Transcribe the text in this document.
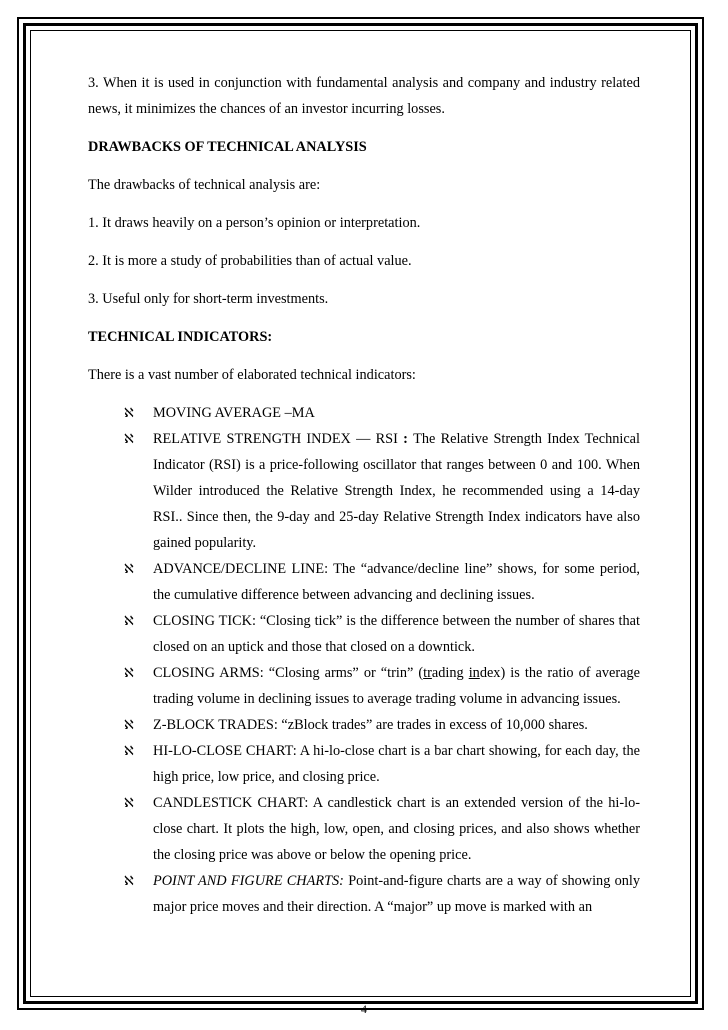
3. When it is used in conjunction with fundamental analysis and company and industry related news, it minimizes the chances of an investor incurring losses.

DRAWBACKS OF TECHNICAL ANALYSIS

The drawbacks of technical analysis are:

1. It draws heavily on a person’s opinion or interpretation.

2. It is more a study of probabilities than of actual value.

3. Useful only for short-term investments.

TECHNICAL INDICATORS:

There is a vast number of elaborated technical indicators:

ℵ MOVING AVERAGE –MA
ℵ RELATIVE STRENGTH INDEX — RSI : The Relative Strength Index Technical Indicator (RSI) is a price-following oscillator that ranges between 0 and 100. When Wilder introduced the Relative Strength Index, he recommended using a 14-day RSI.. Since then, the 9-day and 25-day Relative Strength Index indicators have also gained popularity.
ℵ ADVANCE/DECLINE LINE: The “advance/decline line” shows, for some period, the cumulative difference between advancing and declining issues.
ℵ CLOSING TICK: “Closing tick” is the difference between the number of shares that closed on an uptick and those that closed on a downtick.
ℵ CLOSING ARMS: “Closing arms” or “trin” (trading index) is the ratio of average trading volume in declining issues to average trading volume in advancing issues.
ℵ Z-BLOCK TRADES: “zBlock trades” are trades in excess of 10,000 shares.
ℵ HI-LO-CLOSE CHART: A hi-lo-close chart is a bar chart showing, for each day, the high price, low price, and closing price.
ℵ CANDLESTICK CHART: A candlestick chart is an extended version of the hi-lo-close chart. It plots the high, low, open, and closing prices, and also shows whether the closing price was above or below the opening price.
ℵ POINT AND FIGURE CHARTS: Point-and-figure charts are a way of showing only major price moves and their direction. A “major” up move is marked with an
4
